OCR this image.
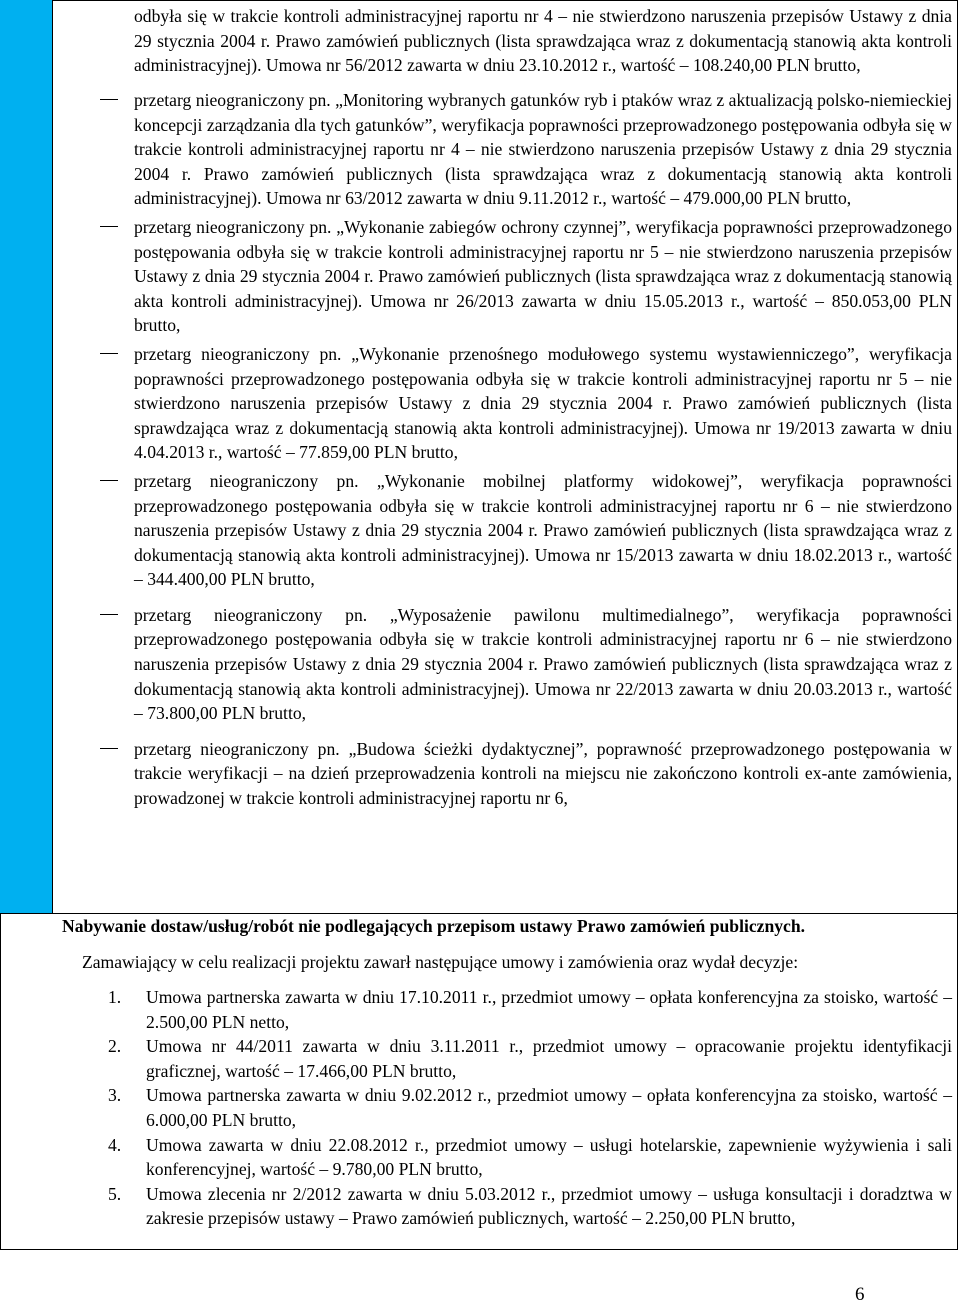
odbyła się w trakcie kontroli administracyjnej raportu nr 4 – nie stwierdzono naruszenia przepisów Ustawy z dnia 29 stycznia 2004 r. Prawo zamówień publicznych (lista sprawdzająca wraz z dokumentacją stanowią akta kontroli administracyjnej). Umowa nr 56/2012 zawarta w dniu 23.10.2012 r., wartość – 108.240,00 PLN brutto,
przetarg nieograniczony pn. „Monitoring wybranych gatunków ryb i ptaków wraz z aktualizacją polsko-niemieckiej koncepcji zarządzania dla tych gatunków”, weryfikacja poprawności przeprowadzonego postępowania odbyła się w trakcie kontroli administracyjnej raportu nr 4 – nie stwierdzono naruszenia przepisów Ustawy z dnia 29 stycznia 2004 r. Prawo zamówień publicznych (lista sprawdzająca wraz z dokumentacją stanowią akta kontroli administracyjnej). Umowa nr 63/2012 zawarta w dniu 9.11.2012 r., wartość – 479.000,00 PLN brutto,
przetarg nieograniczony pn. „Wykonanie zabiegów ochrony czynnej”, weryfikacja poprawności przeprowadzonego postępowania odbyła się w trakcie kontroli administracyjnej raportu nr 5 – nie stwierdzono naruszenia przepisów Ustawy z dnia 29 stycznia 2004 r. Prawo zamówień publicznych (lista sprawdzająca wraz z dokumentacją stanowią akta kontroli administracyjnej). Umowa nr 26/2013 zawarta w dniu 15.05.2013 r., wartość – 850.053,00 PLN brutto,
przetarg nieograniczony pn. „Wykonanie przenośnego modułowego systemu wystawienniczego”, weryfikacja poprawności przeprowadzonego postępowania odbyła się w trakcie kontroli administracyjnej raportu nr 5 – nie stwierdzono naruszenia przepisów Ustawy z dnia 29 stycznia 2004 r. Prawo zamówień publicznych (lista sprawdzająca wraz z dokumentacją stanowią akta kontroli administracyjnej). Umowa nr 19/2013 zawarta w dniu 4.04.2013 r., wartość – 77.859,00 PLN brutto,
przetarg nieograniczony pn. „Wykonanie mobilnej platformy widokowej”, weryfikacja poprawności przeprowadzonego postępowania odbyła się w trakcie kontroli administracyjnej raportu nr 6 – nie stwierdzono naruszenia przepisów Ustawy z dnia 29 stycznia 2004 r. Prawo zamówień publicznych (lista sprawdzająca wraz z dokumentacją stanowią akta kontroli administracyjnej). Umowa nr 15/2013 zawarta w dniu 18.02.2013 r., wartość – 344.400,00 PLN brutto,
przetarg nieograniczony pn. „Wyposażenie pawilonu multimedialnego”, weryfikacja poprawności przeprowadzonego postępowania odbyła się w trakcie kontroli administracyjnej raportu nr 6 – nie stwierdzono naruszenia przepisów Ustawy z dnia 29 stycznia 2004 r. Prawo zamówień publicznych (lista sprawdzająca wraz z dokumentacją stanowią akta kontroli administracyjnej). Umowa nr 22/2013 zawarta w dniu 20.03.2013 r., wartość – 73.800,00 PLN brutto,
przetarg nieograniczony pn. „Budowa ścieżki dydaktycznej”, poprawność przeprowadzonego postępowania w trakcie weryfikacji – na dzień przeprowadzenia kontroli na miejscu nie zakończono kontroli ex-ante zamówienia, prowadzonej w trakcie kontroli administracyjnej raportu nr 6,
Nabywanie dostaw/usług/robót nie podlegających przepisom ustawy Prawo zamówień publicznych.
Zamawiający w celu realizacji projektu zawarł następujące umowy i zamówienia oraz wydał decyzje:
1. Umowa partnerska zawarta w dniu 17.10.2011 r., przedmiot umowy – opłata konferencyjna za stoisko, wartość – 2.500,00 PLN netto,
2. Umowa nr 44/2011 zawarta w dniu 3.11.2011 r., przedmiot umowy – opracowanie projektu identyfikacji graficznej, wartość – 17.466,00 PLN brutto,
3. Umowa partnerska zawarta w dniu 9.02.2012 r., przedmiot umowy – opłata konferencyjna za stoisko, wartość – 6.000,00 PLN brutto,
4. Umowa zawarta w dniu 22.08.2012 r., przedmiot umowy – usługi hotelarskie, zapewnienie wyżywienia i sali konferencyjnej, wartość – 9.780,00 PLN brutto,
5. Umowa zlecenia nr 2/2012 zawarta w dniu 5.03.2012 r., przedmiot umowy – usługa konsultacji i doradztwa w zakresie przepisów ustawy – Prawo zamówień publicznych, wartość – 2.250,00 PLN brutto,
6
